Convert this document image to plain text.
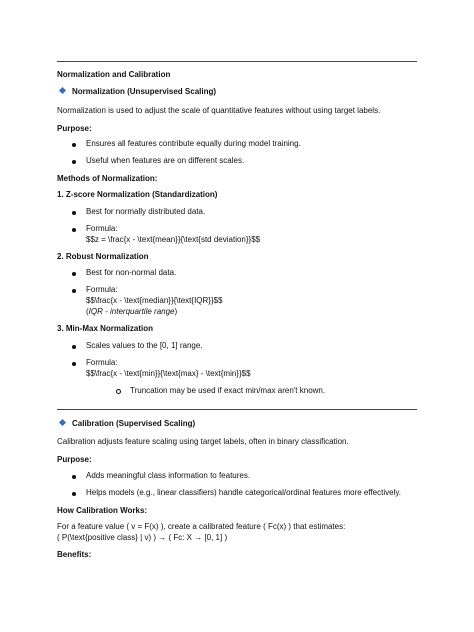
Normalization and Calibration
Normalization (Unsupervised Scaling)
Normalization is used to adjust the scale of quantitative features without using target labels.
Purpose:
Ensures all features contribute equally during model training.
Useful when features are on different scales.
Methods of Normalization:
1. Z-score Normalization (Standardization)
Best for normally distributed data.
Formula:
$$z = \frac{x - \text{mean}}{\text{std deviation}}$$
2. Robust Normalization
Best for non-normal data.
Formula:
$$\frac{x - \text{median}}{\text{IQR}}$$
(IQR - interquartile range)
3. Min-Max Normalization
Scales values to the [0, 1] range.
Formula:
$$\frac{x - \text{min}}{\text{max} - \text{min}}$$
Truncation may be used if exact min/max aren't known.
Calibration (Supervised Scaling)
Calibration adjusts feature scaling using target labels, often in binary classification.
Purpose:
Adds meaningful class information to features.
Helps models (e.g., linear classifiers) handle categorical/ordinal features more effectively.
How Calibration Works:
For a feature value ( v = F(x) ), create a calibrated feature ( Fc(x) ) that estimates:
( P(\text{positive class} | v) ) → ( Fc: X → [0, 1] )
Benefits:
